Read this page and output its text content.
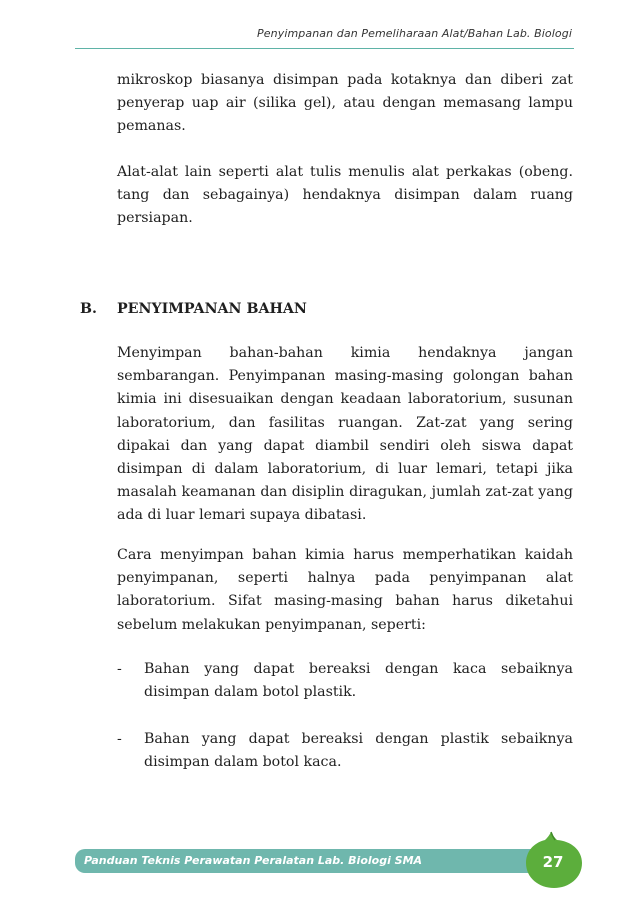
Penyimpanan dan Pemeliharaan Alat/Bahan Lab. Biologi

mikroskop biasanya disimpan pada kotaknya dan diberi zat penyerap uap air (silika gel), atau dengan memasang lampu pemanas.

Alat-alat lain seperti alat tulis menulis alat perkakas (obeng. tang dan sebagainya) hendaknya disimpan dalam ruang persiapan.

B. PENYIMPANAN BAHAN

Menyimpan bahan-bahan kimia hendaknya jangan sembarangan. Penyimpanan masing-masing golongan bahan kimia ini disesuaikan dengan keadaan laboratorium, susunan laboratorium, dan fasilitas ruangan. Zat-zat yang sering dipakai dan yang dapat diambil sendiri oleh siswa dapat disimpan di dalam laboratorium, di luar lemari, tetapi jika masalah keamanan dan disiplin diragukan, jumlah zat-zat yang ada di luar lemari supaya dibatasi.

Cara menyimpan bahan kimia harus memperhatikan kaidah penyimpanan, seperti halnya pada penyimpanan alat laboratorium. Sifat masing-masing bahan harus diketahui sebelum melakukan penyimpanan, seperti:

- Bahan yang dapat bereaksi dengan kaca sebaiknya disimpan dalam botol plastik.
- Bahan yang dapat bereaksi dengan plastik sebaiknya disimpan dalam botol kaca.
Panduan Teknis Perawatan Peralatan Lab. Biologi SMA	27
